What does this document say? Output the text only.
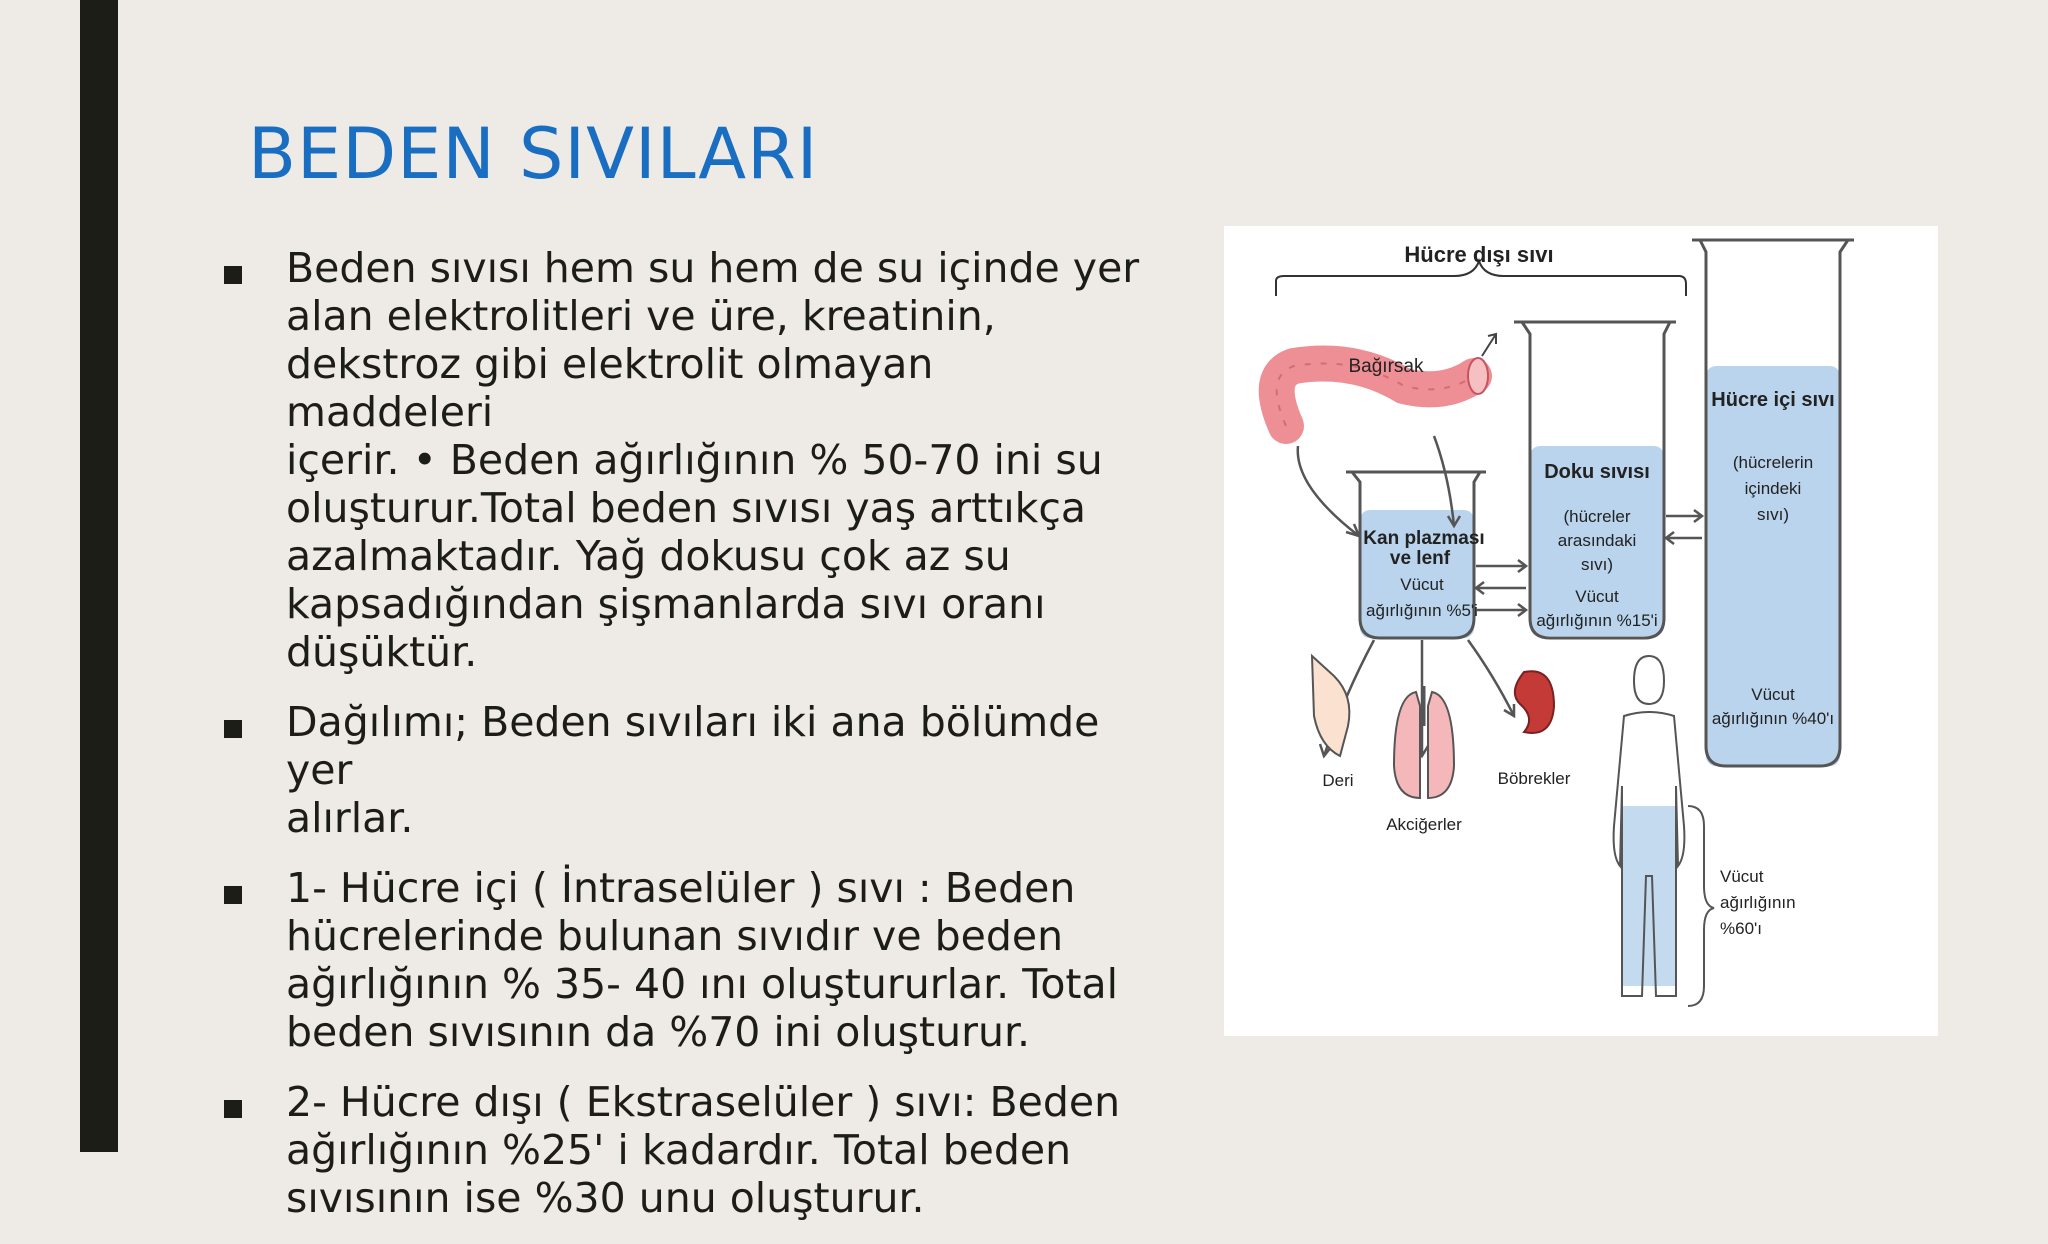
BEDEN SIVILARI
Beden sıvısı hem su hem de su içinde yer
alan elektrolitleri ve üre, kreatinin,
dekstroz gibi elektrolit olmayan maddeleri
içerir. • Beden ağırlığının % 50-70 ini su
oluşturur.Total beden sıvısı yaş arttıkça
azalmaktadır. Yağ dokusu çok az su
kapsadığından şişmanlarda sıvı oranı
düşüktür.
Dağılımı; Beden sıvıları iki ana bölümde yer
alırlar.
1- Hücre içi ( İntraselüler ) sıvı : Beden
hücrelerinde bulunan sıvıdır ve beden
ağırlığının % 35- 40 ını oluştururlar. Total
beden sıvısının da %70 ini oluşturur.
2- Hücre dışı ( Ekstraselüler ) sıvı: Beden
ağırlığının %25' i kadardır. Total beden
sıvısının ise %30 unu oluşturur.
Hücre dışı sıvı
Hücre içi sıvı
(hücrelerin
içindeki
sıvı)
Vücut
ağırlığının %40'ı
Doku sıvısı
(hücreler
arasındaki
sıvı)
Vücut
ağırlığının %15'i
Kan plazması
ve lenf
Vücut
ağırlığının %5'i
Bağırsak
Deri
Akciğerler
Böbrekler
Vücut
ağırlığının
%60'ı
